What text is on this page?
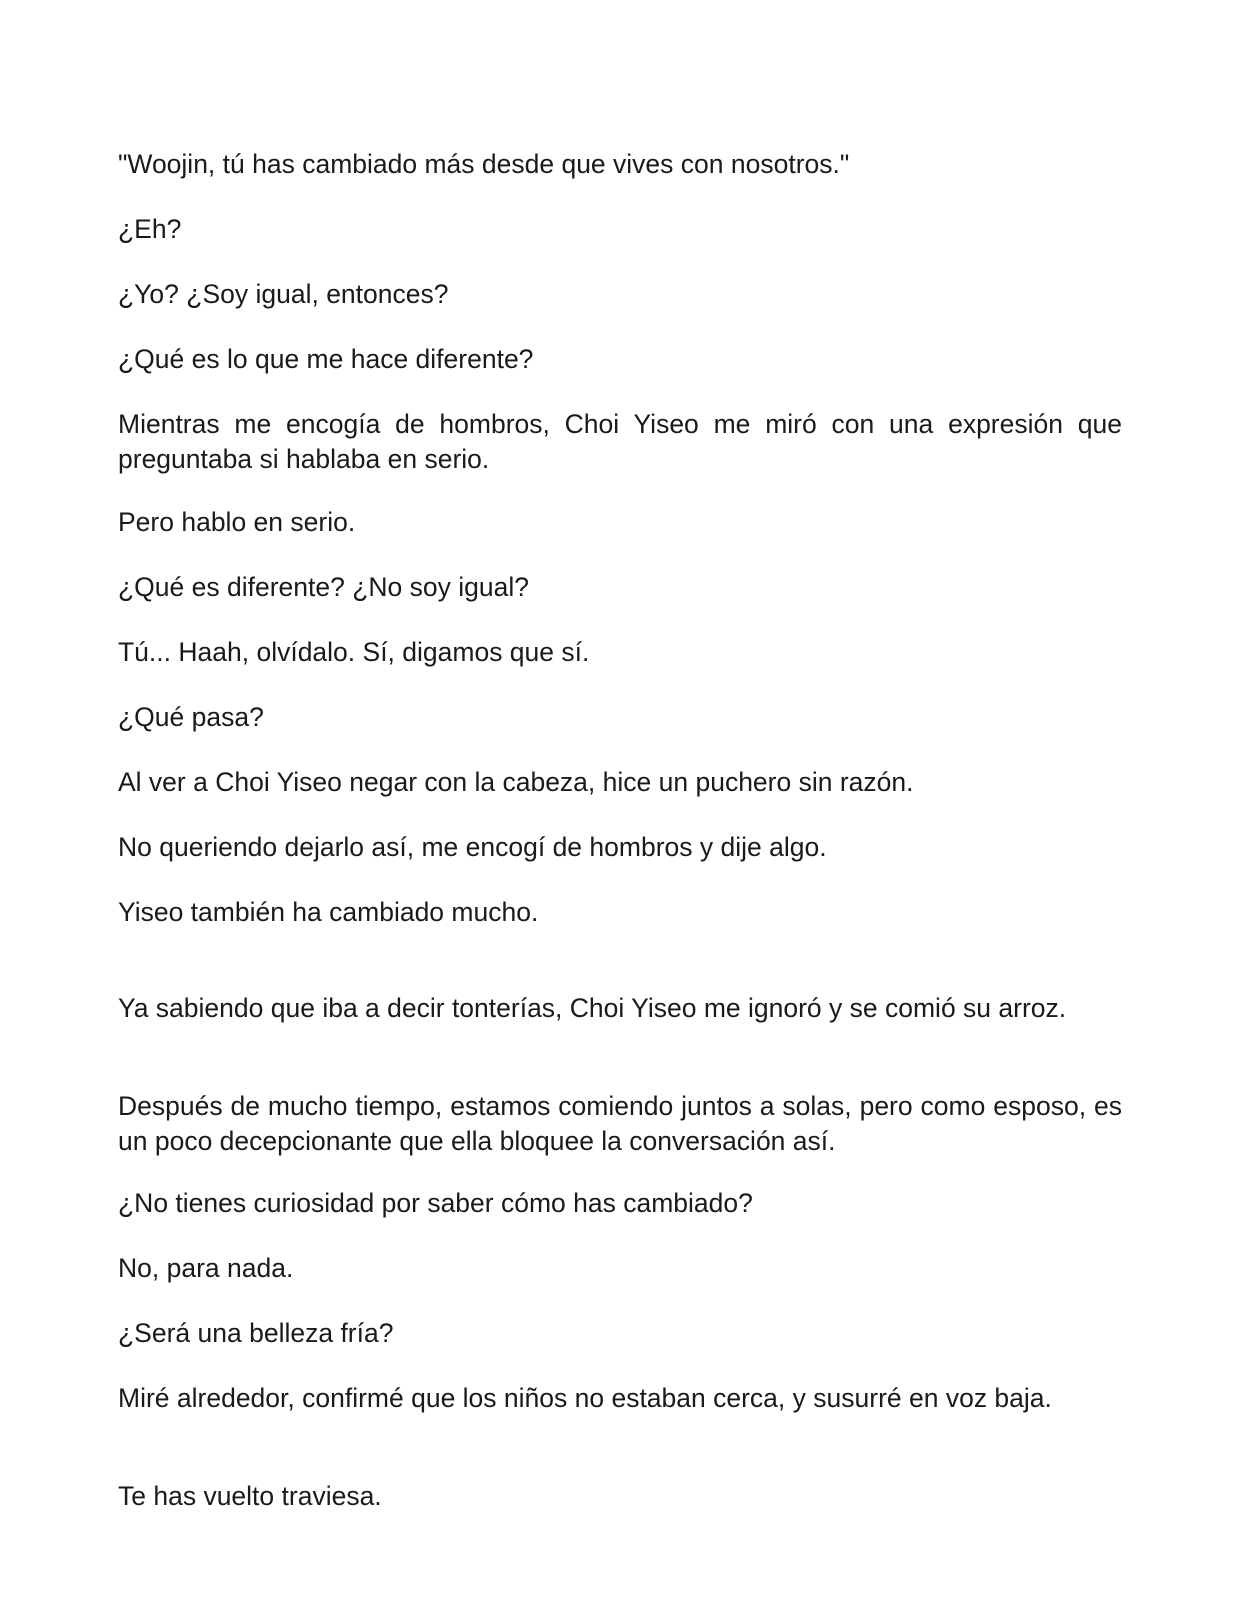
"Woojin, tú has cambiado más desde que vives con nosotros."

¿Eh?

¿Yo? ¿Soy igual, entonces?

¿Qué es lo que me hace diferente?

Mientras me encogía de hombros, Choi Yiseo me miró con una expresión que preguntaba si hablaba en serio.

Pero hablo en serio.

¿Qué es diferente? ¿No soy igual?

Tú... Haah, olvídalo. Sí, digamos que sí.

¿Qué pasa?

Al ver a Choi Yiseo negar con la cabeza, hice un puchero sin razón.

No queriendo dejarlo así, me encogí de hombros y dije algo.

Yiseo también ha cambiado mucho.

Ya sabiendo que iba a decir tonterías, Choi Yiseo me ignoró y se comió su arroz.

Después de mucho tiempo, estamos comiendo juntos a solas, pero como esposo, es un poco decepcionante que ella bloquee la conversación así.

¿No tienes curiosidad por saber cómo has cambiado?

No, para nada.

¿Será una belleza fría?

Miré alrededor, confirmé que los niños no estaban cerca, y susurré en voz baja.

Te has vuelto traviesa.
